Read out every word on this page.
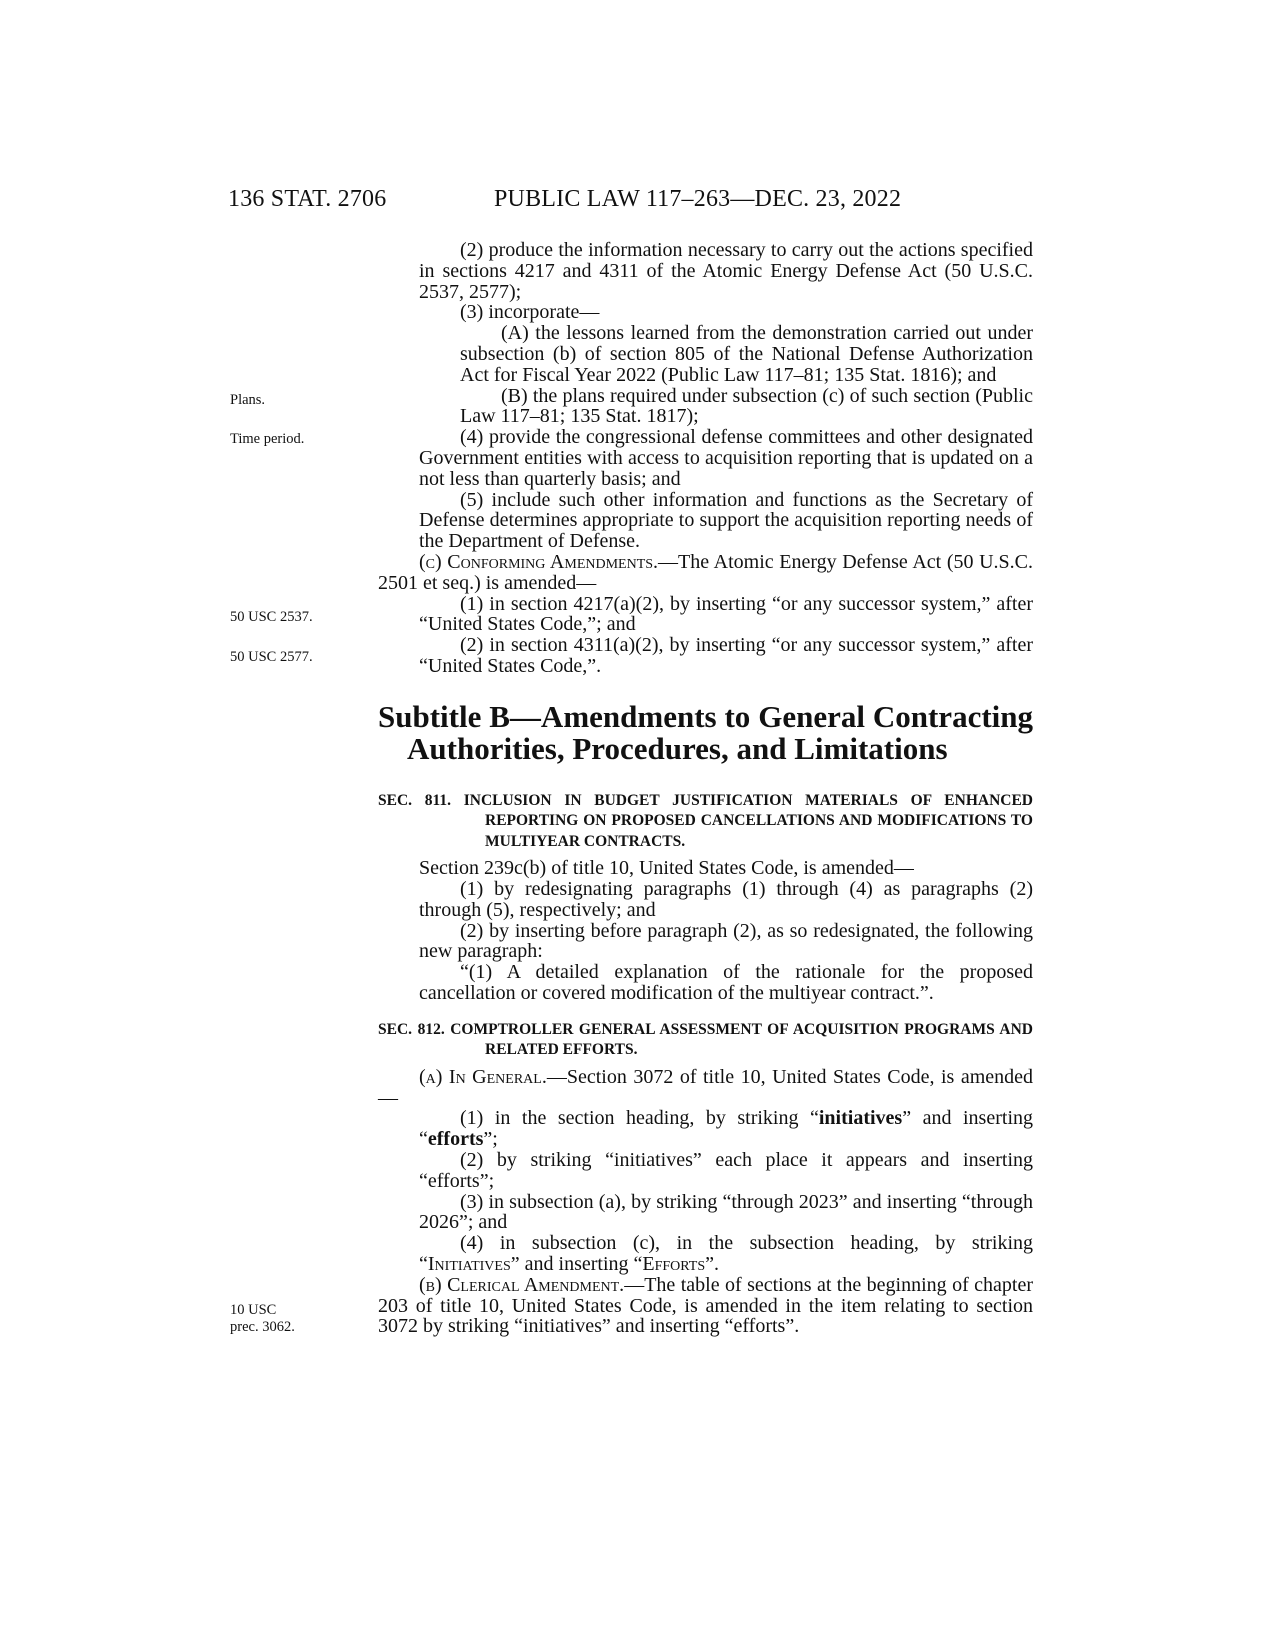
136 STAT. 2706	PUBLIC LAW 117–263—DEC. 23, 2022
Plans.
Time period.
50 USC 2537.
50 USC 2577.
10 USC
prec. 3062.

(2) produce the information necessary to carry out the actions specified in sections 4217 and 4311 of the Atomic Energy Defense Act (50 U.S.C. 2537, 2577);

(3) incorporate—

(A) the lessons learned from the demonstration carried out under subsection (b) of section 805 of the National Defense Authorization Act for Fiscal Year 2022 (Public Law 117–81; 135 Stat. 1816); and

(B) the plans required under subsection (c) of such section (Public Law 117–81; 135 Stat. 1817);

(4) provide the congressional defense committees and other designated Government entities with access to acquisition reporting that is updated on a not less than quarterly basis; and

(5) include such other information and functions as the Secretary of Defense determines appropriate to support the acquisition reporting needs of the Department of Defense.

(c) Conforming Amendments.—The Atomic Energy Defense Act (50 U.S.C. 2501 et seq.) is amended—

(1) in section 4217(a)(2), by inserting “or any successor system,” after “United States Code,”; and

(2) in section 4311(a)(2), by inserting “or any successor system,” after “United States Code,”.

Subtitle B—Amendments to General Contracting Authorities, Procedures, and Limitations
SEC. 811. INCLUSION IN BUDGET JUSTIFICATION MATERIALS OF ENHANCED REPORTING ON PROPOSED CANCELLATIONS AND MODIFICATIONS TO MULTIYEAR CONTRACTS.

Section 239c(b) of title 10, United States Code, is amended—

(1) by redesignating paragraphs (1) through (4) as paragraphs (2) through (5), respectively; and

(2) by inserting before paragraph (2), as so redesignated, the following new paragraph:

“(1) A detailed explanation of the rationale for the proposed cancellation or covered modification of the multiyear contract.”.

SEC. 812. COMPTROLLER GENERAL ASSESSMENT OF ACQUISITION PROGRAMS AND RELATED EFFORTS.

(a) In General.—Section 3072 of title 10, United States Code, is amended—

(1) in the section heading, by striking “initiatives” and inserting “efforts”;

(2) by striking “initiatives” each place it appears and inserting “efforts”;

(3) in subsection (a), by striking “through 2023” and inserting “through 2026”; and

(4) in subsection (c), in the subsection heading, by striking “Initiatives” and inserting “Efforts”.

(b) Clerical Amendment.—The table of sections at the beginning of chapter 203 of title 10, United States Code, is amended in the item relating to section 3072 by striking “initiatives” and inserting “efforts”.
